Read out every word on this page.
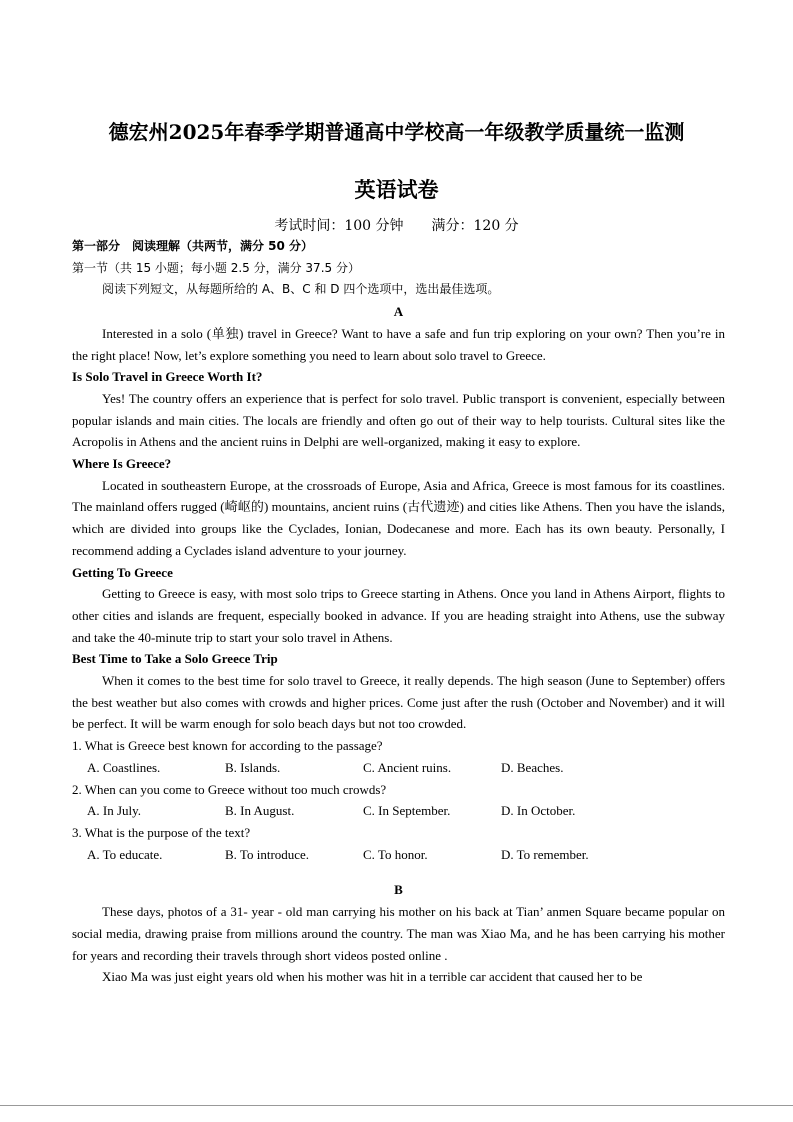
德宏州2025年春季学期普通高中学校高一年级教学质量统一监测
英语试卷
考试时间：100 分钟 满分：120 分

第一部分　阅读理解（共两节，满分 50 分）

第一节（共 15 小题；每小题 2.5 分，满分 37.5 分）

阅读下列短文，从每题所给的 A、B、C 和 D 四个选项中，选出最佳选项。

A

Interested in a solo (单独) travel in Greece? Want to have a safe and fun trip exploring on your own? Then you’re in the right place! Now, let’s explore something you need to learn about solo travel to Greece.

Is Solo Travel in Greece Worth It?

Yes! The country offers an experience that is perfect for solo travel. Public transport is convenient, especially between popular islands and main cities. The locals are friendly and often go out of their way to help tourists. Cultural sites like the Acropolis in Athens and the ancient ruins in Delphi are well-organized, making it easy to explore.

Where Is Greece?

Located in southeastern Europe, at the crossroads of Europe, Asia and Africa, Greece is most famous for its coastlines. The mainland offers rugged (崎岖的) mountains, ancient ruins (古代遗迹) and cities like Athens. Then you have the islands, which are divided into groups like the Cyclades, Ionian, Dodecanese and more. Each has its own beauty. Personally, I recommend adding a Cyclades island adventure to your journey.

Getting To Greece

Getting to Greece is easy, with most solo trips to Greece starting in Athens. Once you land in Athens Airport, flights to other cities and islands are frequent, especially booked in advance. If you are heading straight into Athens, use the subway and take the 40-minute trip to start your solo travel in Athens.

Best Time to Take a Solo Greece Trip

When it comes to the best time for solo travel to Greece, it really depends. The high season (June to September) offers the best weather but also comes with crowds and higher prices. Come just after the rush (October and November) and it will be perfect. It will be warm enough for solo beach days but not too crowded.

1. What is Greece best known for according to the passage?

A. Coastlines.	B. Islands.	C. Ancient ruins.	D. Beaches.

2. When can you come to Greece without too much crowds?

A. In July.	B. In August.	C. In September.	D. In October.

3. What is the purpose of the text?

A. To educate.	B. To introduce.	C. To honor.	D. To remember.

B

These days, photos of a 31- year - old man carrying his mother on his back at Tian’ anmen Square became popular on social media, drawing praise from millions around the country. The man was Xiao Ma, and he has been carrying his mother for years and recording their travels through short videos posted online .

Xiao Ma was just eight years old when his mother was hit in a terrible car accident that caused her to be
